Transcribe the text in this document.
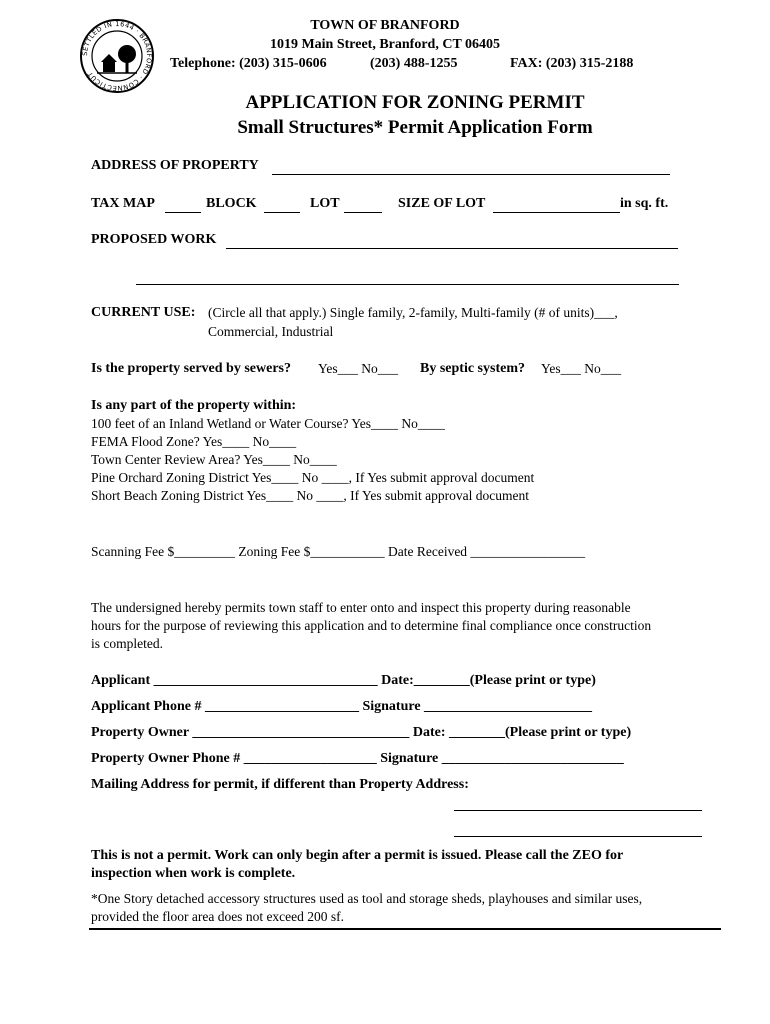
SETTLED IN 1644 · BRANFORD · CONNECTICUT
TOWN OF BRANFORD
1019 Main Street, Branford, CT 06405
Telephone: (203) 315-0606	(203) 488-1255	FAX: (203) 315-2188
APPLICATION FOR ZONING PERMIT
Small Structures* Permit Application Form
ADDRESS OF PROPERTY
TAX MAP	BLOCK	LOT	SIZE OF LOT	in sq. ft.
PROPOSED WORK
CURRENT USE: (Circle all that apply.) Single family, 2-family, Multi-family (# of units)___,
Commercial, Industrial
Is the property served by sewers? Yes___ No___ By septic system? Yes___ No___
Is any part of the property within:
100 feet of an Inland Wetland or Water Course? Yes____ No____
FEMA Flood Zone? Yes____ No____
Town Center Review Area? Yes____ No____
Pine Orchard Zoning District Yes____ No ____, If Yes submit approval document
Short Beach Zoning District Yes____ No ____, If Yes submit approval document
Scanning Fee $_________ Zoning Fee $___________ Date Received _________________
The undersigned hereby permits town staff to enter onto and inspect this property during reasonable
hours for the purpose of reviewing this application and to determine final compliance once construction
is completed.
Applicant ________________________________ Date:________(Please print or type)
Applicant Phone # ______________________ Signature ________________________
Property Owner _______________________________ Date: ________(Please print or type)
Property Owner Phone # ___________________ Signature __________________________
Mailing Address for permit, if different than Property Address:
This is not a permit. Work can only begin after a permit is issued. Please call the ZEO for
inspection when work is complete.
*One Story detached accessory structures used as tool and storage sheds, playhouses and similar uses,
provided the floor area does not exceed 200 sf.
